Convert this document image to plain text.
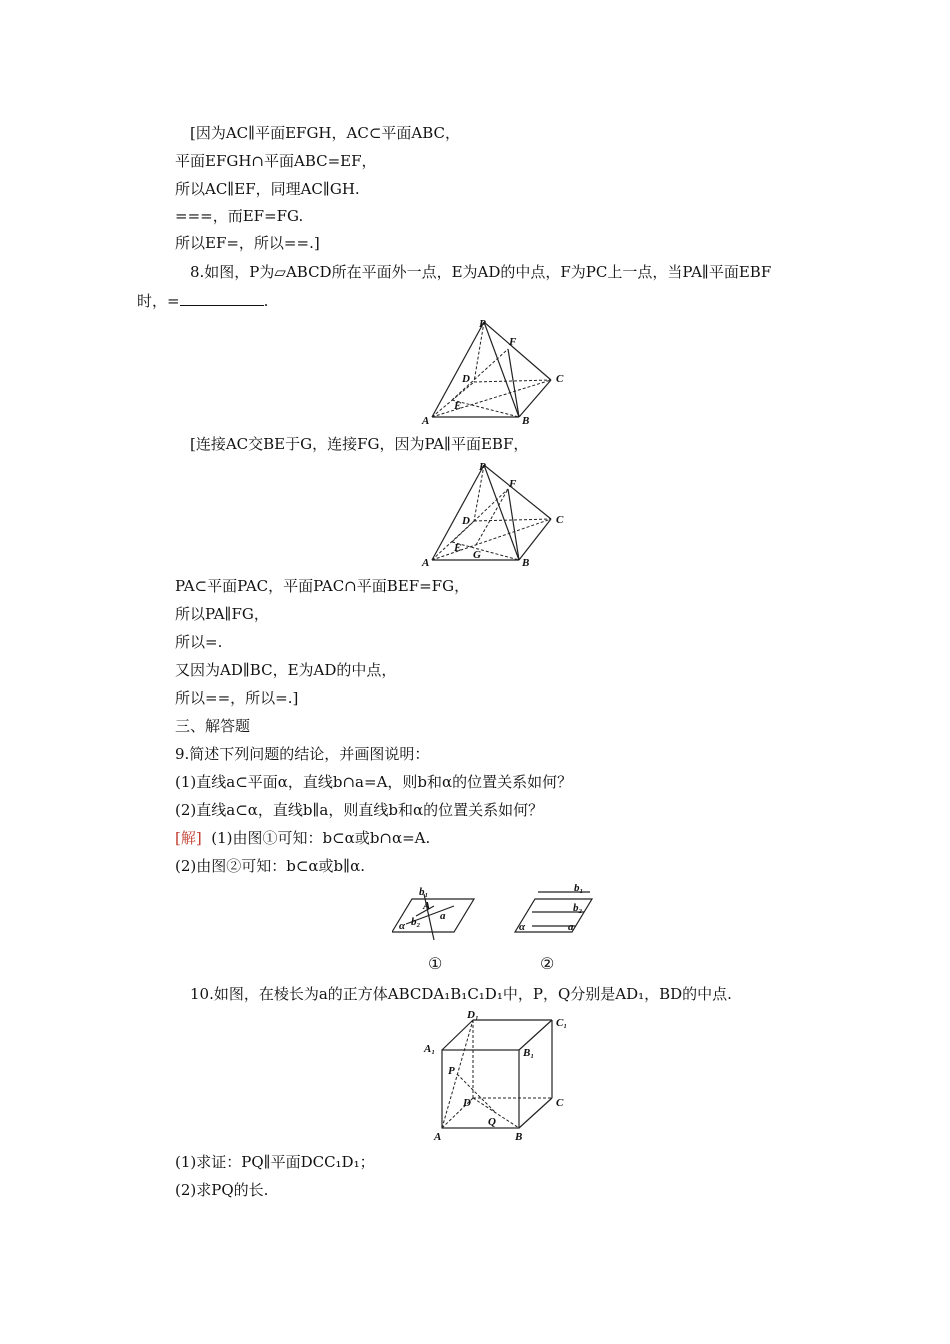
[因为AC∥平面EFGH，AC⊂平面ABC，
平面EFGH∩平面ABC=EF，
所以AC∥EF，同理AC∥GH.
===，而EF=FG.
所以EF=，所以==.]
8.如图，P为▱ABCD所在平面外一点，E为AD的中点，F为PC上一点，当PA∥平面EBF
时，=	.
P
F
D	C
E
A	B
[连接AC交BE于G，连接FG，因为PA∥平面EBF，
P
F
D	C
E
G
A	B
PA⊂平面PAC，平面PAC∩平面BEF=FG，
所以PA∥FG，
所以=.
又因为AD∥BC，E为AD的中点，
所以==，所以=.]
三、解答题
9.简述下列问题的结论，并画图说明：
(1)直线a⊂平面α，直线b∩a=A，则b和α的位置关系如何？
(2)直线a⊂α，直线b∥a，则直线b和α的位置关系如何？
[解] (1)由图①可知：b⊂α或b∩α=A.
(2)由图②可知：b⊂α或b∥α.
b₁
A
a
b₂
α
①
b₁
b₂
α	a
②
10.如图，在棱长为a的正方体ABCDA₁B₁C₁D₁中，P，Q分别是AD₁，BD的中点.
D₁
C₁
A₁	B₁
P
D	C
Q
A	B
(1)求证：PQ∥平面DCC₁D₁；
(2)求PQ的长.
